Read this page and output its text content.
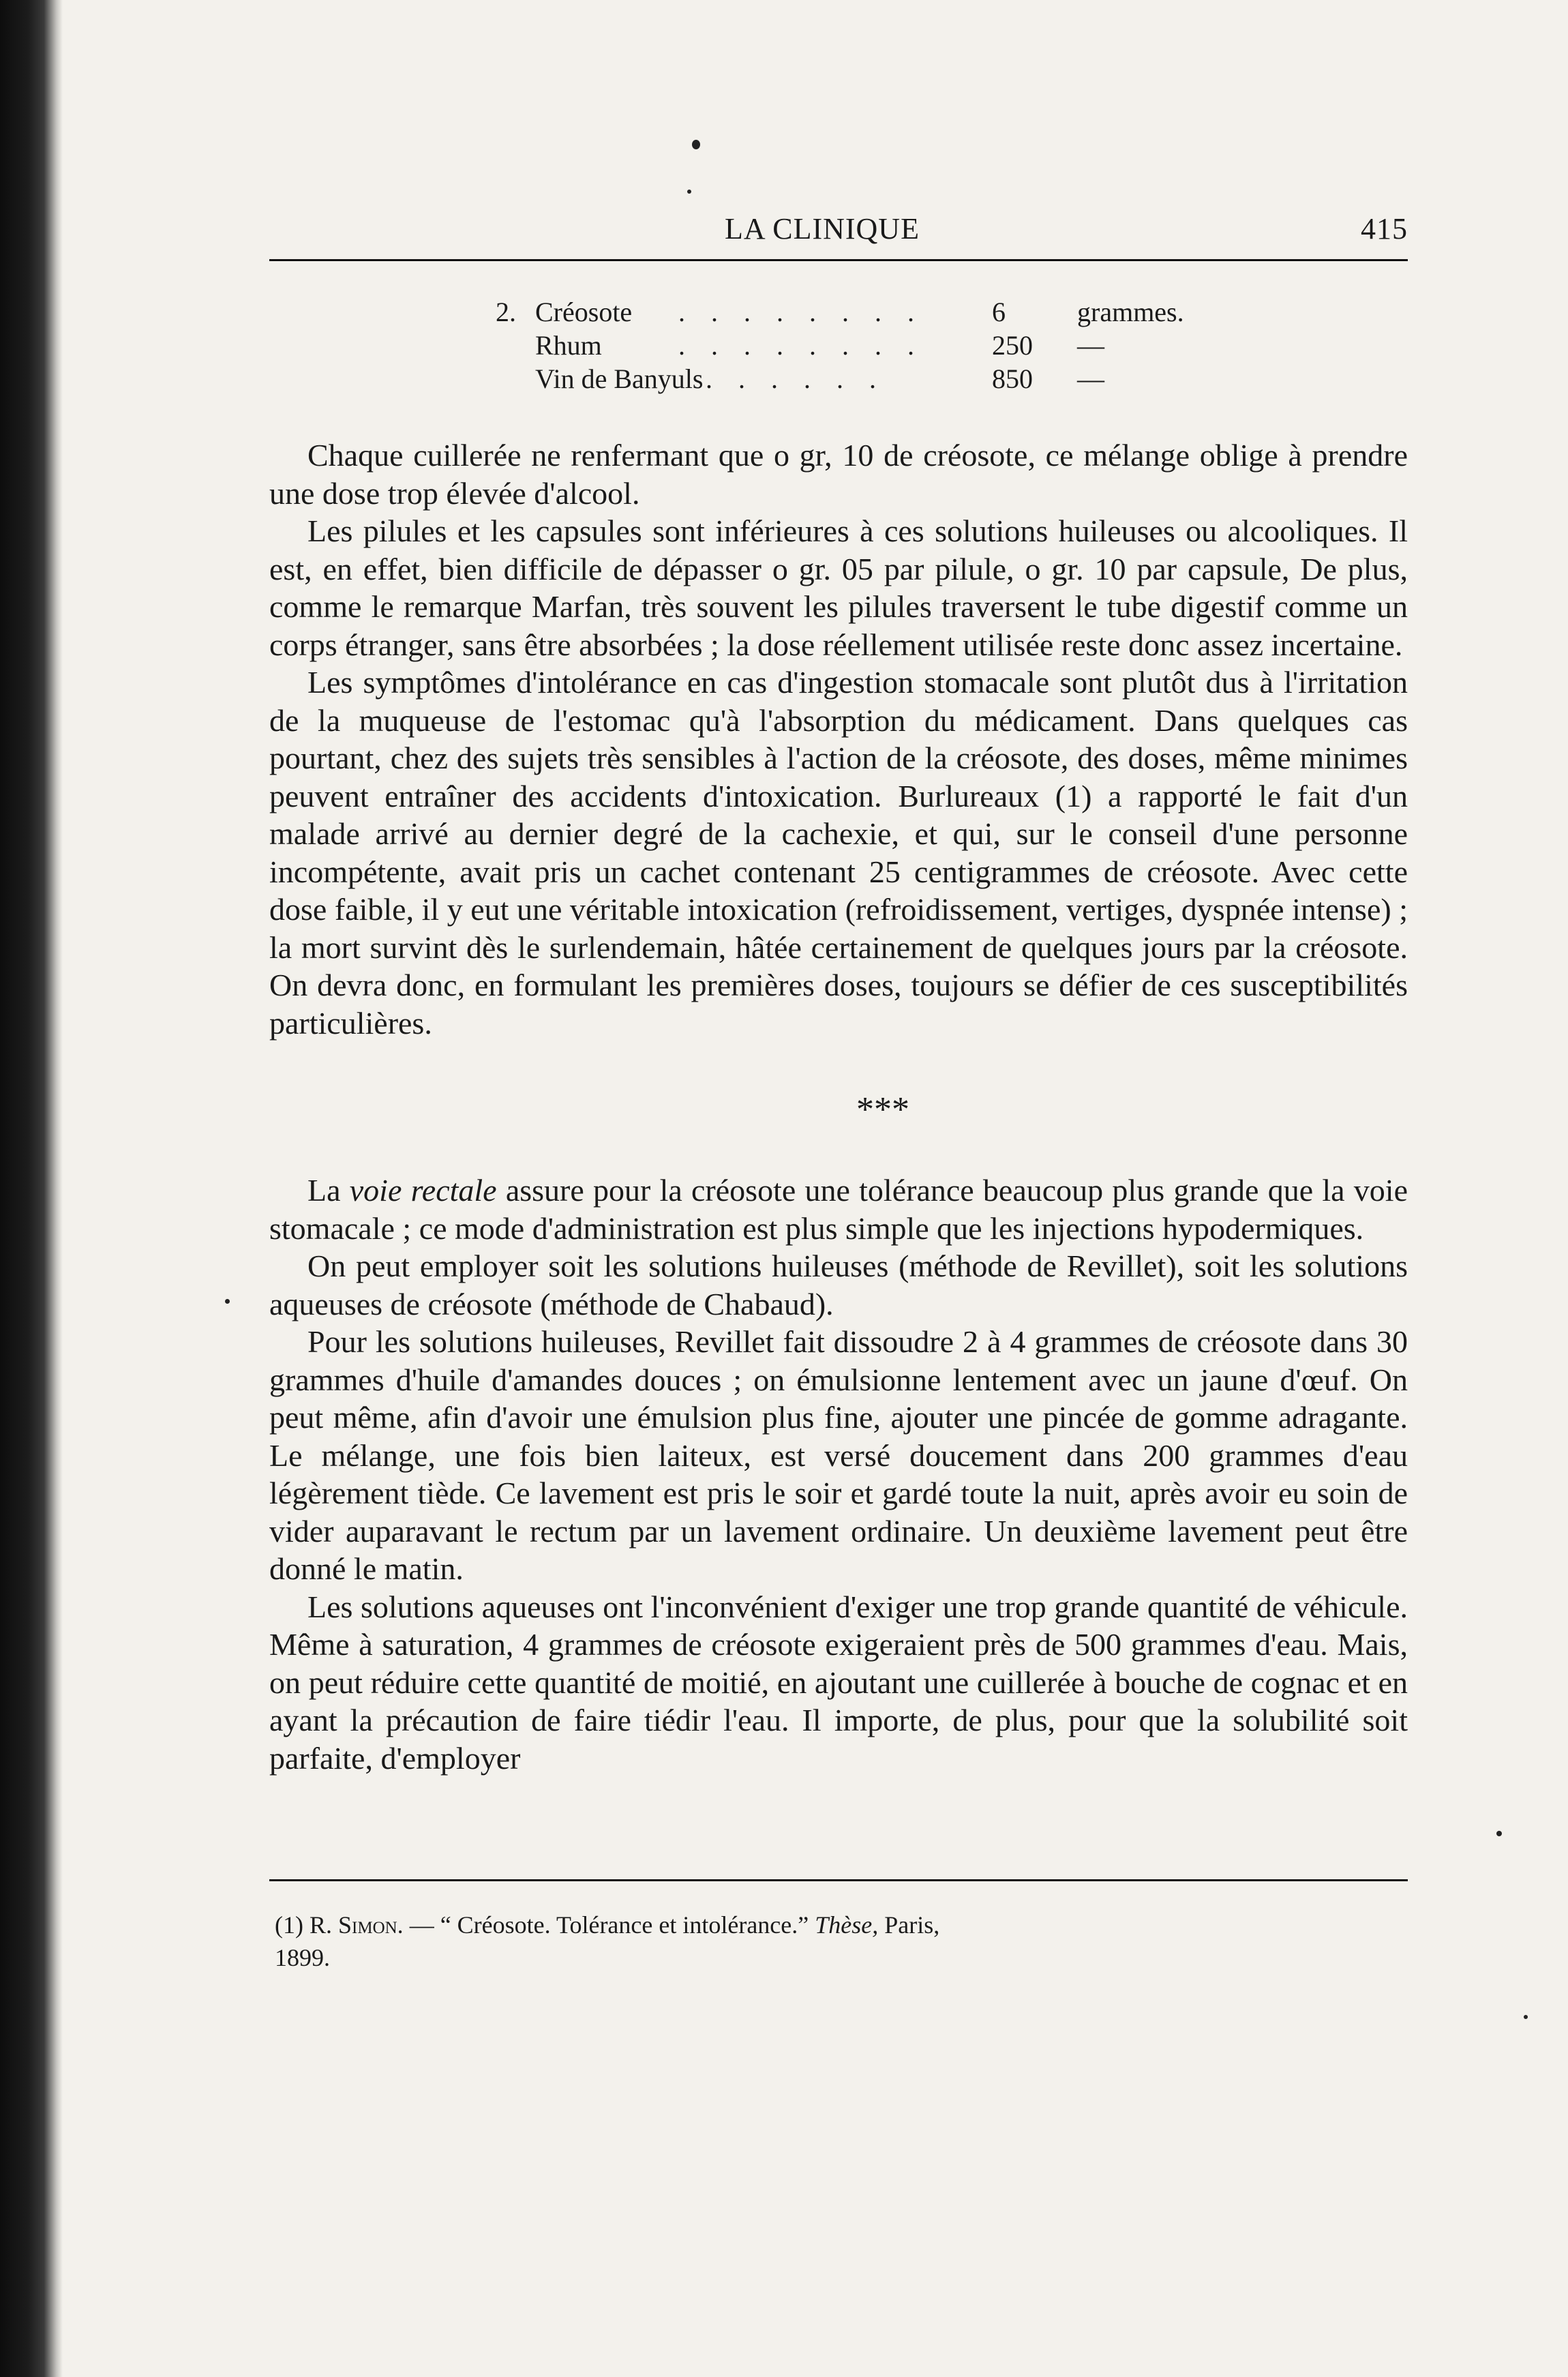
LA CLINIQUE	415
2. Créosote . . . . . . . .	6	grammes.
Rhum	. . . . . . . .	250 —
Vin de Banyuls . . . . . .	850 —

Chaque cuillerée ne renfermant que o gr, 10 de créosote, ce mélange oblige à prendre une dose trop élevée d'alcool.

Les pilules et les capsules sont inférieures à ces solutions huileuses ou alcooliques. Il est, en effet, bien difficile de dépasser o gr. 05 par pilule, o gr. 10 par capsule, De plus, comme le remarque Marfan, très souvent les pilules traversent le tube digestif comme un corps étranger, sans être absorbées ; la dose réellement utilisée reste donc assez incertaine.

Les symptômes d'intolérance en cas d'ingestion stomacale sont plutôt dus à l'irritation de la muqueuse de l'estomac qu'à l'absorption du médicament. Dans quelques cas pourtant, chez des sujets très sensibles à l'action de la créosote, des doses, même minimes peuvent entraîner des accidents d'intoxication. Burlureaux (1) a rapporté le fait d'un malade arrivé au dernier degré de la cachexie, et qui, sur le conseil d'une personne incompétente, avait pris un cachet contenant 25 centigrammes de créosote. Avec cette dose faible, il y eut une véritable intoxication (refroidissement, vertiges, dyspnée intense) ; la mort survint dès le surlendemain, hâtée certainement de quelques jours par la créosote. On devra donc, en formulant les premières doses, toujours se défier de ces susceptibilités particulières.

***

La voie rectale assure pour la créosote une tolérance beaucoup plus grande que la voie stomacale ; ce mode d'administration est plus simple que les injections hypodermiques.

On peut employer soit les solutions huileuses (méthode de Revillet), soit les solutions aqueuses de créosote (méthode de Chabaud).

Pour les solutions huileuses, Revillet fait dissoudre 2 à 4 grammes de créosote dans 30 grammes d'huile d'amandes douces ; on émulsionne lentement avec un jaune d'œuf. On peut même, afin d'avoir une émulsion plus fine, ajouter une pincée de gomme adragante. Le mélange, une fois bien laiteux, est versé doucement dans 200 grammes d'eau légèrement tiède. Ce lavement est pris le soir et gardé toute la nuit, après avoir eu soin de vider auparavant le rectum par un lavement ordinaire. Un deuxième lavement peut être donné le matin.

Les solutions aqueuses ont l'inconvénient d'exiger une trop grande quantité de véhicule. Même à saturation, 4 grammes de créosote exigeraient près de 500 grammes d'eau. Mais, on peut réduire cette quantité de moitié, en ajoutant une cuillerée à bouche de cognac et en ayant la précaution de faire tiédir l'eau. Il importe, de plus, pour que la solubilité soit parfaite, d'employer

(1) R. Simon. — “ Créosote. Tolérance et intolérance.” Thèse, Paris,
1899.
